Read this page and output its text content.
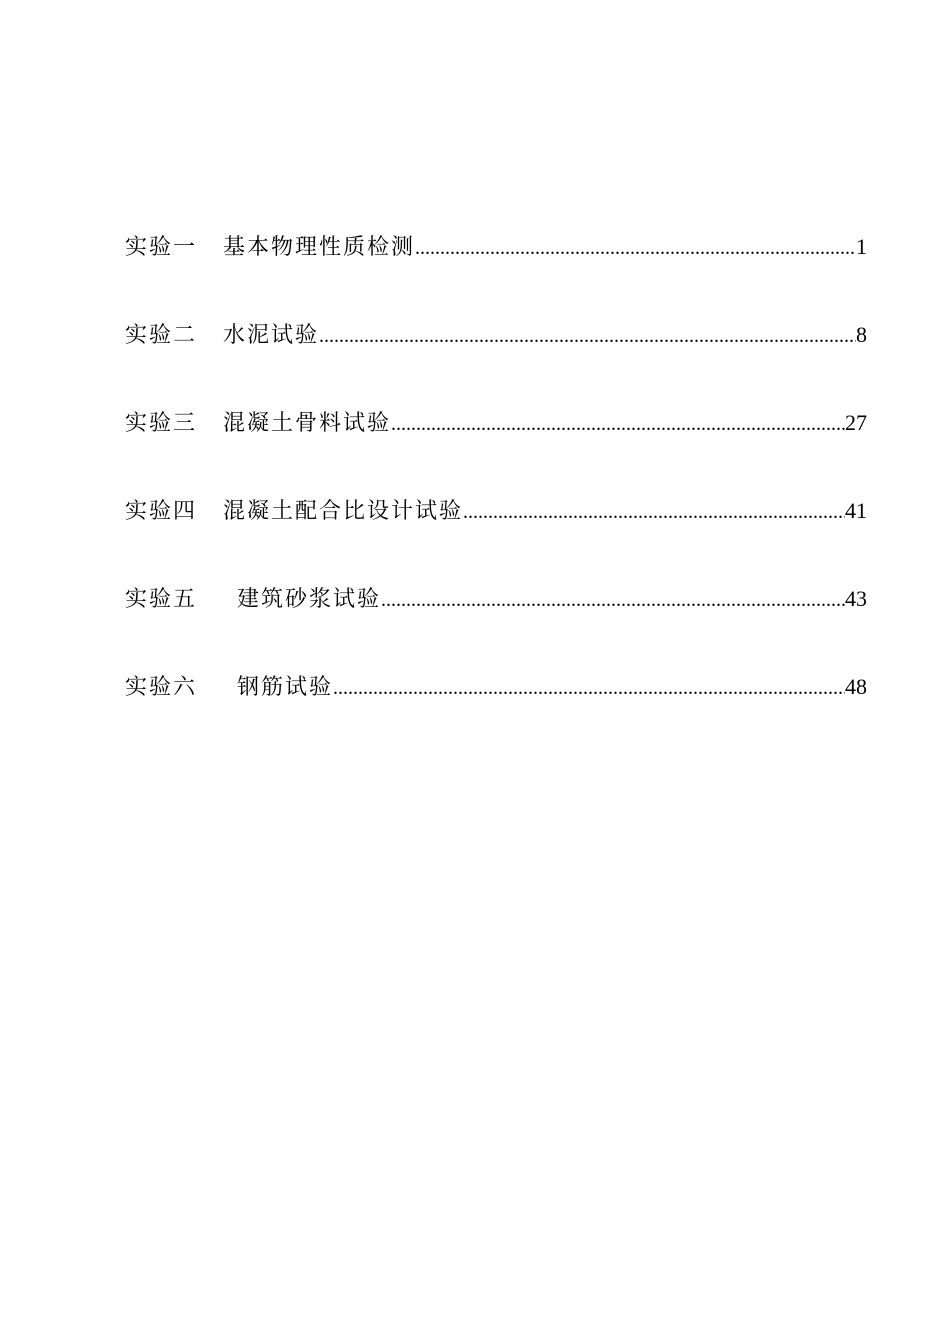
实验一 基本物理性质检测 .....	1
实验二 水泥试验 .....	8
实验三 混凝土骨料试验 .....	27
实验四 混凝土配合比设计试验 .....	41
实验五 建筑砂浆试验 .....	43
实验六 钢筋试验 .....	48
